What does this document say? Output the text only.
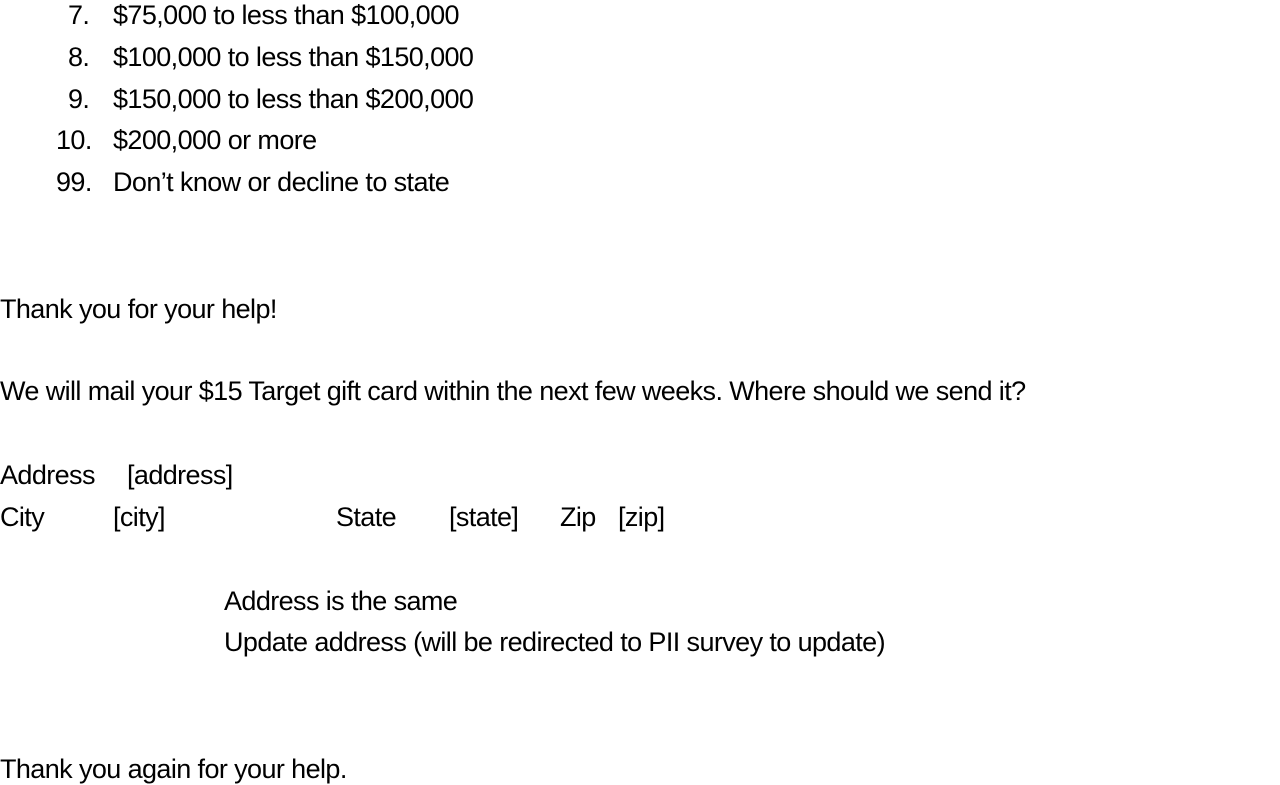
7. $75,000 to less than $100,000
8. $100,000 to less than $150,000
9. $150,000 to less than $200,000
10. $200,000 or more
99. Don’t know or decline to state
Thank you for your help!
We will mail your $15 Target gift card within the next few weeks. Where should we send it?
Address [address]
City	[city]	State [state] Zip [zip]
Address is the same
Update address (will be redirected to PII survey to update)
Thank you again for your help.
